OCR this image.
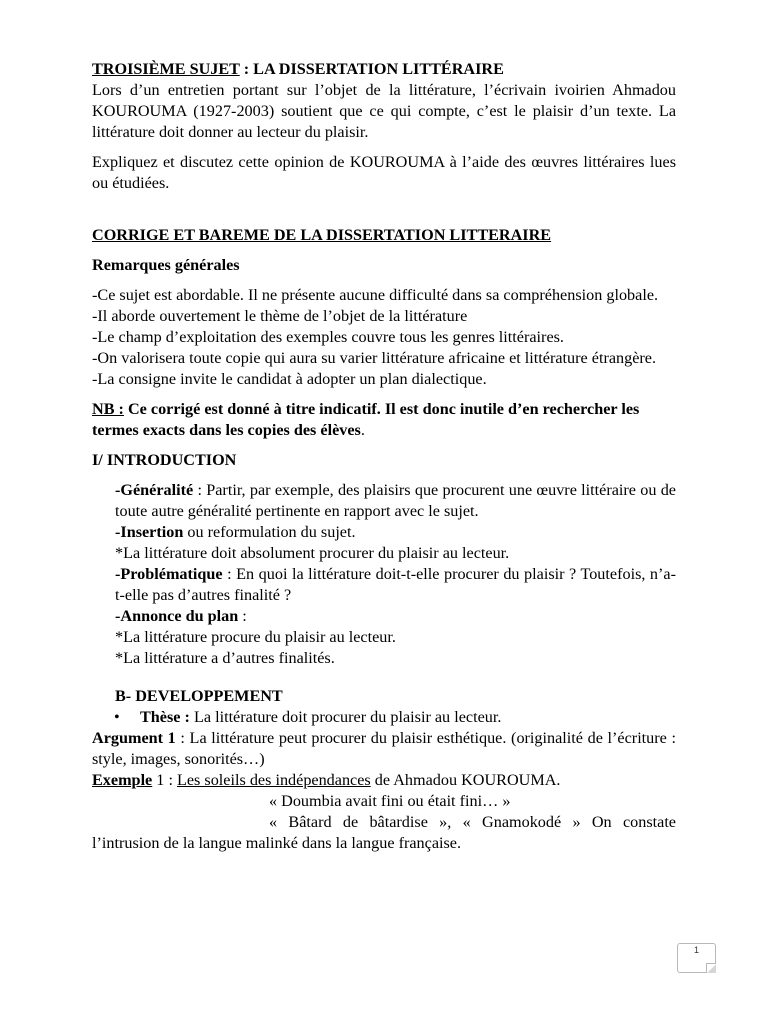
TROISIÈME SUJET : LA DISSERTATION LITTÉRAIRE

Lors d’un entretien portant sur l’objet de la littérature, l’écrivain ivoirien Ahmadou KOUROUMA (1927-2003) soutient que ce qui compte, c’est le plaisir d’un texte. La littérature doit donner au lecteur du plaisir.

Expliquez et discutez cette opinion de KOUROUMA à l’aide des œuvres littéraires lues ou étudiées.

CORRIGE ET BAREME DE LA DISSERTATION LITTERAIRE

Remarques générales

-Ce sujet est abordable. Il ne présente aucune difficulté dans sa compréhension globale.

-Il aborde ouvertement le thème de l’objet de la littérature

-Le champ d’exploitation des exemples couvre tous les genres littéraires.

-On valorisera toute copie qui aura su varier littérature africaine et littérature étrangère.

-La consigne invite le candidat à adopter un plan dialectique.

NB : Ce corrigé est donné à titre indicatif. Il est donc inutile d’en rechercher les termes exacts dans les copies des élèves.

I/ INTRODUCTION

-Généralité : Partir, par exemple, des plaisirs que procurent une œuvre littéraire ou de toute autre généralité pertinente en rapport avec le sujet.

-Insertion ou reformulation du sujet.

*La littérature doit absolument procurer du plaisir au lecteur.

-Problématique : En quoi la littérature doit-t-elle procurer du plaisir ? Toutefois, n’a-t-elle pas d’autres finalité ?

-Annonce du plan :

*La littérature procure du plaisir au lecteur.

*La littérature a d’autres finalités.

B- DEVELOPPEMENT

•	Thèse : La littérature doit procurer du plaisir au lecteur.

Argument 1 : La littérature peut procurer du plaisir esthétique. (originalité de l’écriture : style, images, sonorités…)

Exemple 1 : Les soleils des indépendances de Ahmadou KOUROUMA.

« Doumbia avait fini ou était fini… »

« Bâtard de bâtardise », « Gnamokodé » On constate l’intrusion de la langue malinké dans la langue française.

1
